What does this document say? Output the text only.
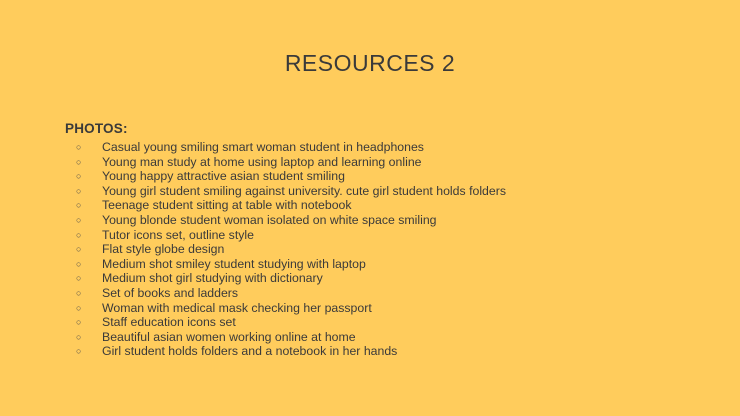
RESOURCES 2
PHOTOS:
○ Casual young smiling smart woman student in headphones
○ Young man study at home using laptop and learning online
○ Young happy attractive asian student smiling
○ Young girl student smiling against university. cute girl student holds folders
○ Teenage student sitting at table with notebook
○ Young blonde student woman isolated on white space smiling
○ Tutor icons set, outline style
○ Flat style globe design
○ Medium shot smiley student studying with laptop
○ Medium shot girl studying with dictionary
○ Set of books and ladders
○ Woman with medical mask checking her passport
○ Staff education icons set
○ Beautiful asian women working online at home
○ Girl student holds folders and a notebook in her hands
